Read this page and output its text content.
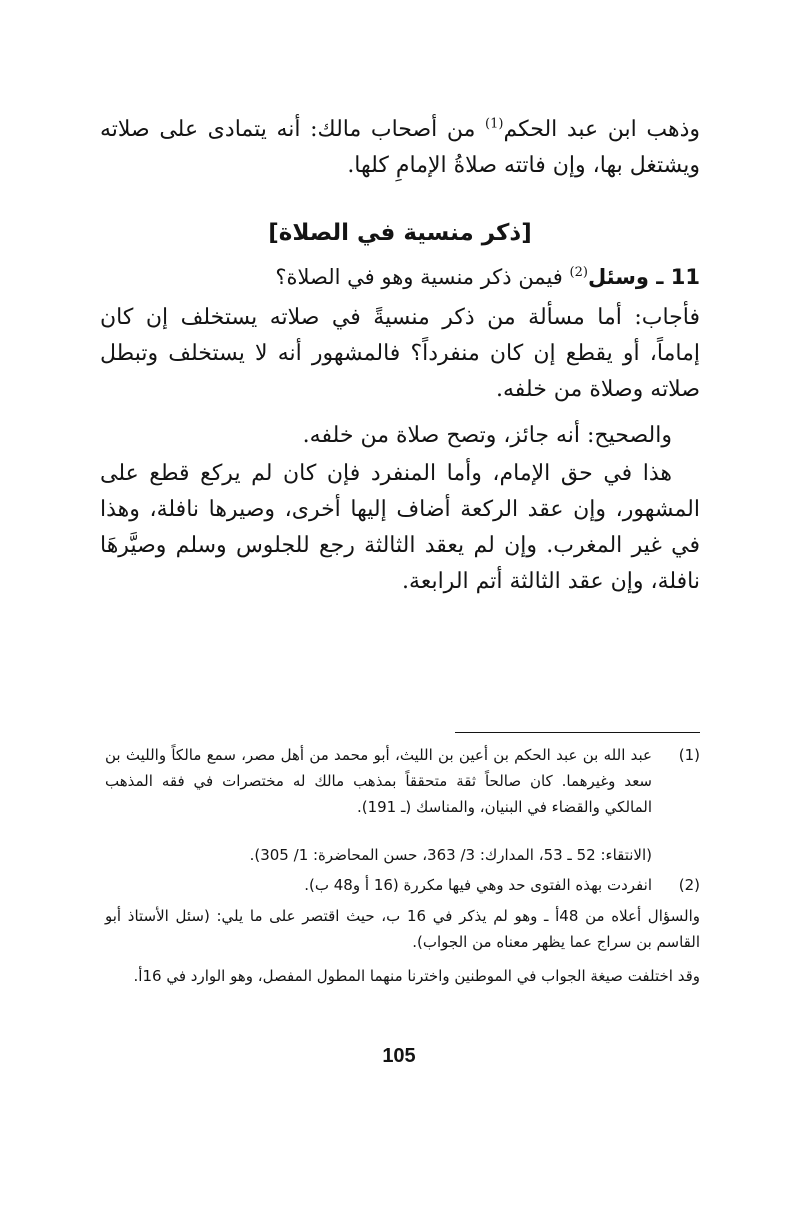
وذهب ابن عبد الحكم$^{(1)}$ من أصحاب مالك: أنه يتمادى على صلاته ويشتغل بها، وإن فاتته صلاةُ الإمامِ كلها.

[ذكر منسية في الصلاة]
11 ـ وسئل$^{(2)}$ فيمن ذكر منسية وهو في الصلاة؟

فأجاب: أما مسألة من ذكر منسيةً في صلاته يستخلف إن كان إماماً، أو يقطع إن كان منفرداً؟ فالمشهور أنه لا يستخلف وتبطل صلاته وصلاة من خلفه.

والصحيح: أنه جائز، وتصح صلاة من خلفه.

هذا في حق الإمام، وأما المنفرد فإن كان لم يركع قطع على المشهور، وإن عقد الركعة أضاف إليها أخرى، وصيرها نافلة، وهذا في غير المغرب. وإن لم يعقد الثالثة رجع للجلوس وسلم وصيَّرهَا نافلة، وإن عقد الثالثة أتم الرابعة.

(1)
عبد الله بن عبد الحكم بن أعين بن الليث، أبو محمد من أهل مصر، سمع مالكاً والليث بن سعد وغيرهما. كان صالحاً ثقة متحققاً بمذهب مالك له مختصرات في فقه المذهب المالكي والقضاء في البنيان، والمناسك (ـ 191).
(الانتقاء: 52 ـ 53، المدارك: 3/ 363، حسن المحاضرة: 1/ 305).
(2)
انفردت بهذه الفتوى حد وهي فيها مكررة (16 أ و48 ب).
والسؤال أعلاه من 48أ ـ وهو لم يذكر في 16 ب، حيث اقتصر على ما يلي: (سئل الأستاذ أبو القاسم بن سراج عما يظهر معناه من الجواب).
وقد اختلفت صيغة الجواب في الموطنين واخترنا منهما المطول المفصل، وهو الوارد في 16أ.
105
